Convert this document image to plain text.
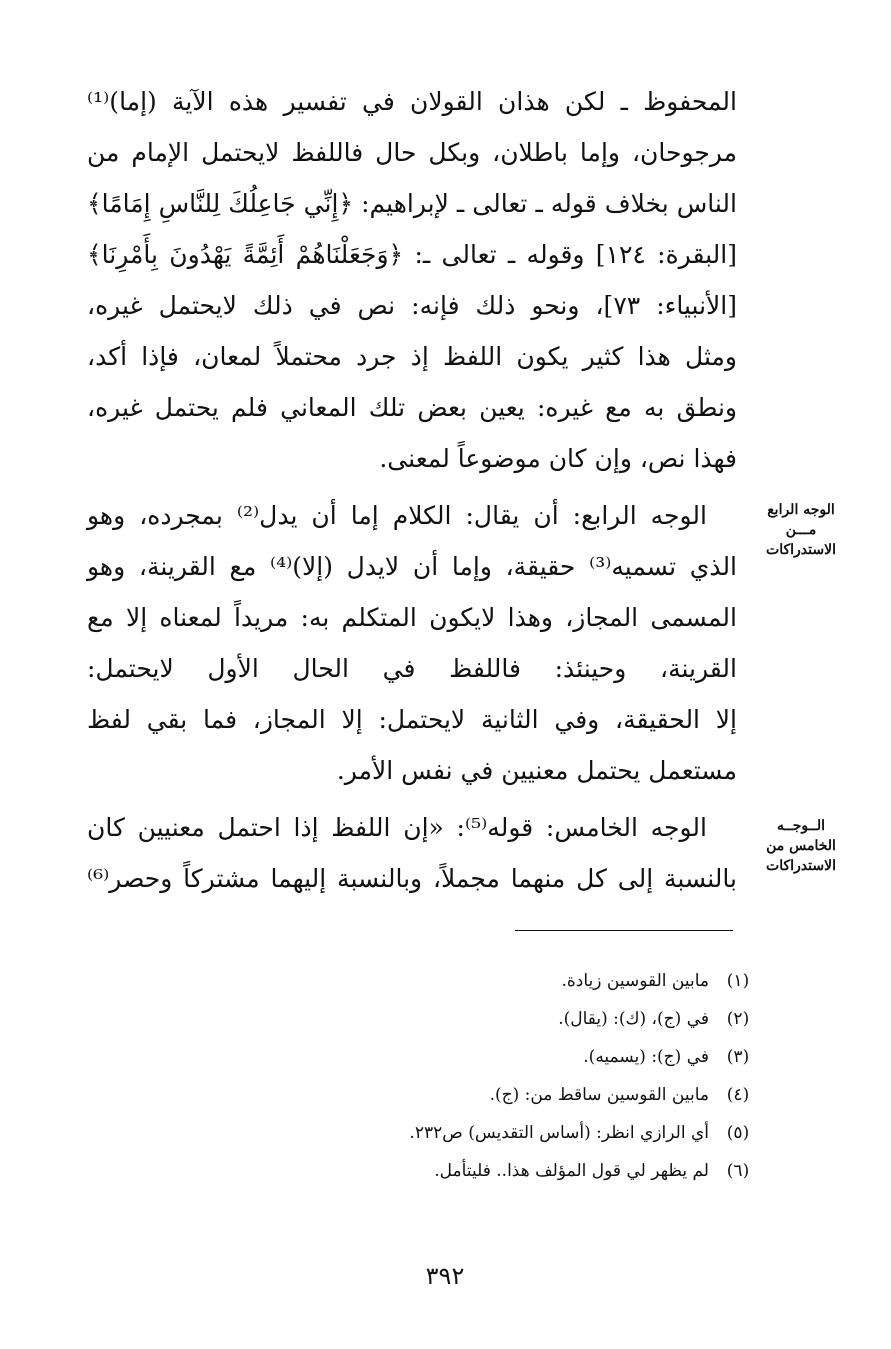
المحفوظ ـ لكن هذان القولان في تفسير هذه الآية (إما)⁽¹⁾
مرجوحان، وإما باطلان، وبكل حال فاللفظ لايحتمل الإمام من
الناس بخلاف قوله ـ تعالى ـ لإبراهيم: ﴿إِنِّي جَاعِلُكَ لِلنَّاسِ إِمَامًا﴾
[البقرة: ١٢٤] وقوله ـ تعالى ـ: ﴿وَجَعَلْنَاهُمْ أَئِمَّةً يَهْدُونَ بِأَمْرِنَا﴾
[الأنبياء: ٧٣]، ونحو ذلك فإنه: نص في ذلك لايحتمل غيره،
ومثل هذا كثير يكون اللفظ إذ جرد محتملاً لمعان، فإذا أكد،
ونطق به مع غيره: يعين بعض تلك المعاني فلم يحتمل غيره،
فهذا نص، وإن كان موضوعاً لمعنى.
الوجه الرابع: أن يقال: الكلام إما أن يدل⁽²⁾ بمجرده، وهو
الذي تسميه⁽³⁾ حقيقة، وإما أن لايدل (إلا)⁽⁴⁾ مع القرينة، وهو
المسمى المجاز، وهذا لايكون المتكلم به: مريداً لمعناه إلا مع
القرينة، وحينئذ: فاللفظ في الحال الأول لايحتمل:
إلا الحقيقة، وفي الثانية لايحتمل: إلا المجاز، فما بقي لفظ
مستعمل يحتمل معنيين في نفس الأمر.
الوجه الخامس: قوله⁽⁵⁾: «إن اللفظ إذا احتمل معنيين كان
بالنسبة إلى كل منهما مجملاً، وبالنسبة إليهما مشتركاً وحصر⁽⁶⁾
الوجه الرابع
مـــن
الاستدراكات
الــوجــه
الخامس من
الاستدراكات
(١)
مابين القوسين زيادة.
(٢)
في (ج)، (ك): (يقال).
(٣)
في (ج): (يسميه).
(٤)
مابين القوسين ساقط من: (ج).
(٥)
أي الرازي انظر: (أساس التقديس) ص٢٣٢.
(٦)
لم يظهر لي قول المؤلف هذا.. فليتأمل.
٣٩٢
